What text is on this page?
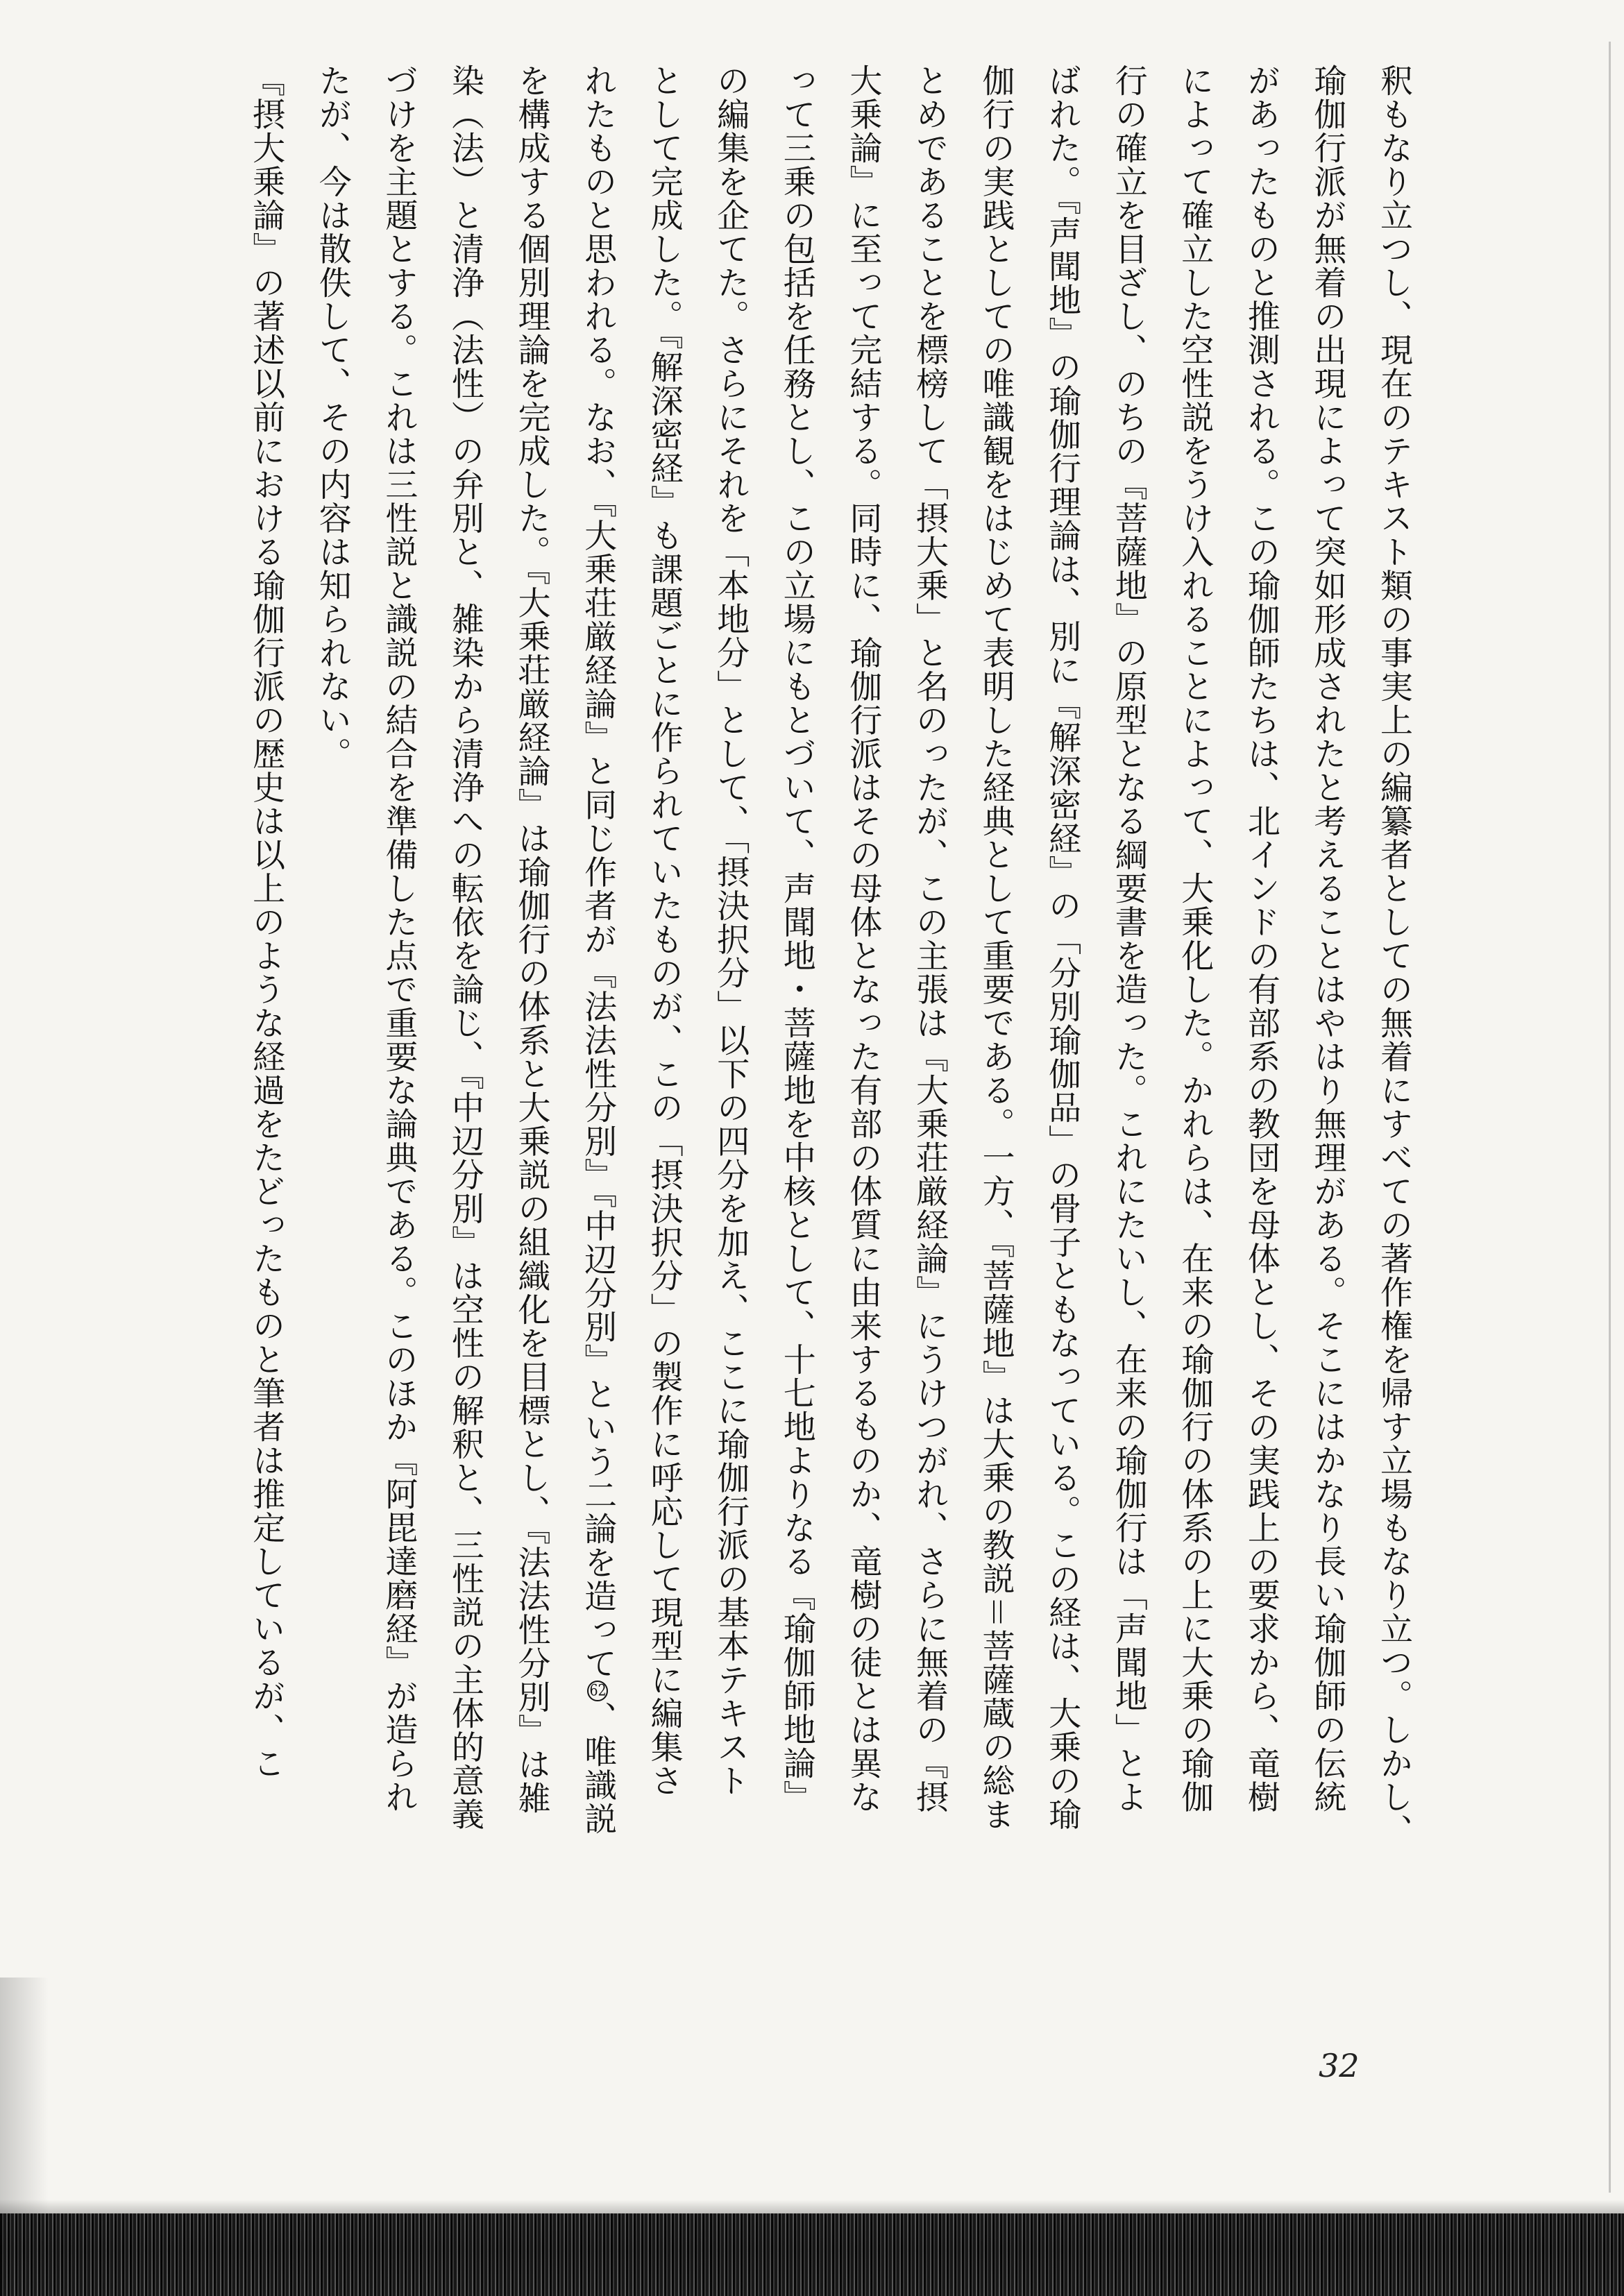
釈もなり立つし、現在のテキスト類の事実上の編纂者としての無着にすべての著作権を帰す立場もなり立つ。しかし、
瑜伽行派が無着の出現によって突如形成されたと考えることはやはり無理がある。そこにはかなり長い瑜伽師の伝統
があったものと推測される。この瑜伽師たちは、北インドの有部系の教団を母体とし、その実践上の要求から、竜樹
によって確立した空性説をうけ入れることによって、大乗化した。かれらは、在来の瑜伽行の体系の上に大乗の瑜伽
行の確立を目ざし、のちの『菩薩地』の原型となる綱要書を造った。これにたいし、在来の瑜伽行は「声聞地」とよ
ばれた。『声聞地』の瑜伽行理論は、別に『解深密経』の「分別瑜伽品」の骨子ともなっている。この経は、大乗の瑜
伽行の実践としての唯識観をはじめて表明した経典として重要である。一方、『菩薩地』は大乗の教説＝菩薩蔵の総ま
とめであることを標榜して「摂大乗」と名のったが、この主張は『大乗荘厳経論』にうけつがれ、さらに無着の『摂
大乗論』に至って完結する。同時に、瑜伽行派はその母体となった有部の体質に由来するものか、竜樹の徒とは異な
って三乗の包括を任務とし、この立場にもとづいて、声聞地・菩薩地を中核として、十七地よりなる『瑜伽師地論』
の編集を企てた。さらにそれを「本地分」として、「摂決択分」以下の四分を加え、ここに瑜伽行派の基本テキスト
として完成した。『解深密経』も課題ごとに作られていたものが、この「摂決択分」の製作に呼応して現型に編集さ
れたものと思われる。なお、『大乗荘厳経論』と同じ作者が『法法性分別』『中辺分別』という二論を造って62、唯識説
を構成する個別理論を完成した。『大乗荘厳経論』は瑜伽行の体系と大乗説の組織化を目標とし、『法法性分別』は雑
染（法）と清浄（法性）の弁別と、雑染から清浄への転依を論じ、『中辺分別』は空性の解釈と、三性説の主体的意義
づけを主題とする。これは三性説と識説の結合を準備した点で重要な論典である。このほか『阿毘達磨経』が造られ
たが、今は散佚して、その内容は知られない。
『摂大乗論』の著述以前における瑜伽行派の歴史は以上のような経過をたどったものと筆者は推定しているが、こ
32
